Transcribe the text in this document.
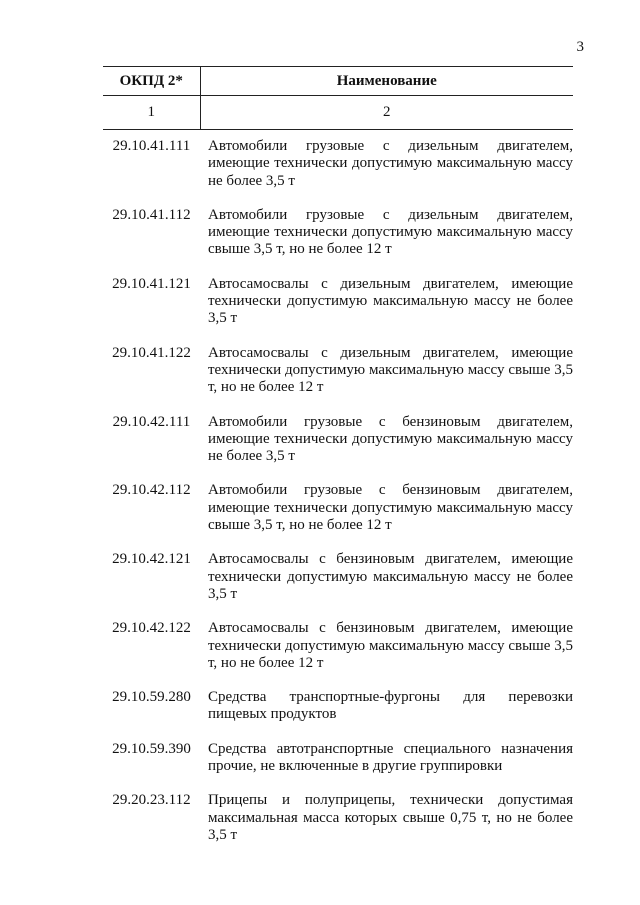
3
ОКПД 2*	Наименование
1	2

29.10.41.111	Автомобили грузовые с дизельным двигателем, имеющие технически допустимую максимальную массу не более 3,5 т

29.10.41.112	Автомобили грузовые с дизельным двигателем, имеющие технически допустимую максимальную массу свыше 3,5 т, но не более 12 т

29.10.41.121	Автосамосвалы с дизельным двигателем, имеющие технически допустимую максимальную массу не более 3,5 т

29.10.41.122	Автосамосвалы с дизельным двигателем, имеющие технически допустимую максимальную массу свыше 3,5 т, но не более 12 т

29.10.42.111	Автомобили грузовые с бензиновым двигателем, имеющие технически допустимую максимальную массу не более 3,5 т

29.10.42.112	Автомобили грузовые с бензиновым двигателем, имеющие технически допустимую максимальную массу свыше 3,5 т, но не более 12 т

29.10.42.121	Автосамосвалы с бензиновым двигателем, имеющие технически допустимую максимальную массу не более 3,5 т

29.10.42.122	Автосамосвалы с бензиновым двигателем, имеющие технически допустимую максимальную массу свыше 3,5 т, но не более 12 т

29.10.59.280	Средства транспортные-фургоны для перевозки пищевых продуктов

29.10.59.390	Средства автотранспортные специального назначения прочие, не включенные в другие группировки

29.20.23.112	Прицепы и полуприцепы, технически допустимая максимальная масса которых свыше 0,75 т, но не более 3,5 т
